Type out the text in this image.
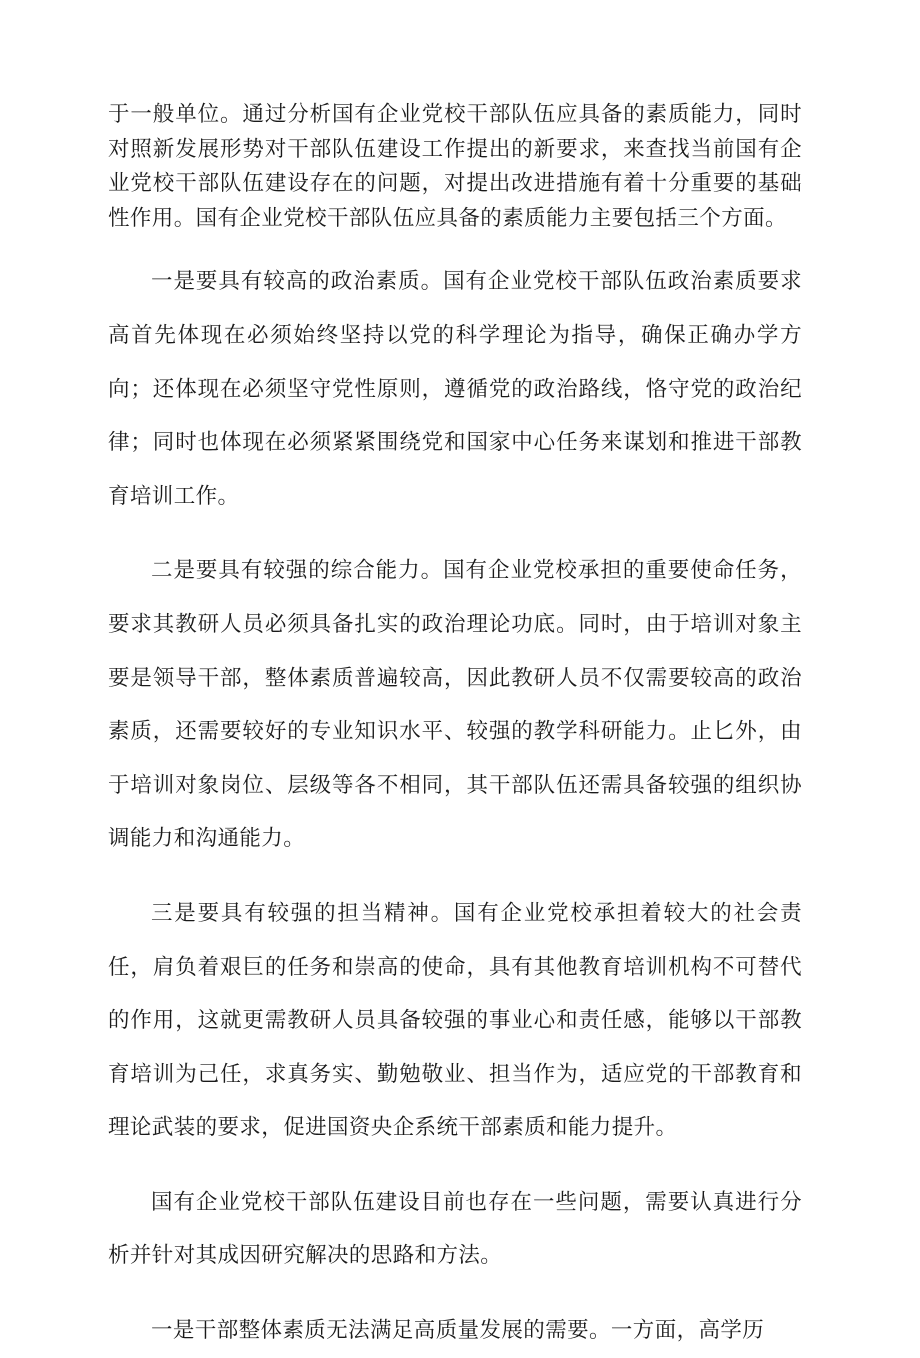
于一般单位。通过分析国有企业党校干部队伍应具备的素质能力，同时对照新发展形势对干部队伍建设工作提出的新要求，来查找当前国有企业党校干部队伍建设存在的问题，对提出改进措施有着十分重要的基础性作用。国有企业党校干部队伍应具备的素质能力主要包括三个方面。

一是要具有较高的政治素质。国有企业党校干部队伍政治素质要求高首先体现在必须始终坚持以党的科学理论为指导，确保正确办学方向；还体现在必须坚守党性原则，遵循党的政治路线，恪守党的政治纪律；同时也体现在必须紧紧围绕党和国家中心任务来谋划和推进干部教育培训工作。

二是要具有较强的综合能力。国有企业党校承担的重要使命任务，要求其教研人员必须具备扎实的政治理论功底。同时，由于培训对象主要是领导干部，整体素质普遍较高，因此教研人员不仅需要较高的政治素质，还需要较好的专业知识水平、较强的教学科研能力。止匕外，由于培训对象岗位、层级等各不相同，其干部队伍还需具备较强的组织协调能力和沟通能力。

三是要具有较强的担当精神。国有企业党校承担着较大的社会责任，肩负着艰巨的任务和崇高的使命，具有其他教育培训机构不可替代的作用，这就更需教研人员具备较强的事业心和责任感，能够以干部教育培训为己任，求真务实、勤勉敬业、担当作为，适应党的干部教育和理论武装的要求，促进国资央企系统干部素质和能力提升。

国有企业党校干部队伍建设目前也存在一些问题，需要认真进行分析并针对其成因研究解决的思路和方法。

一是干部整体素质无法满足高质量发展的需要。一方面，高学历
